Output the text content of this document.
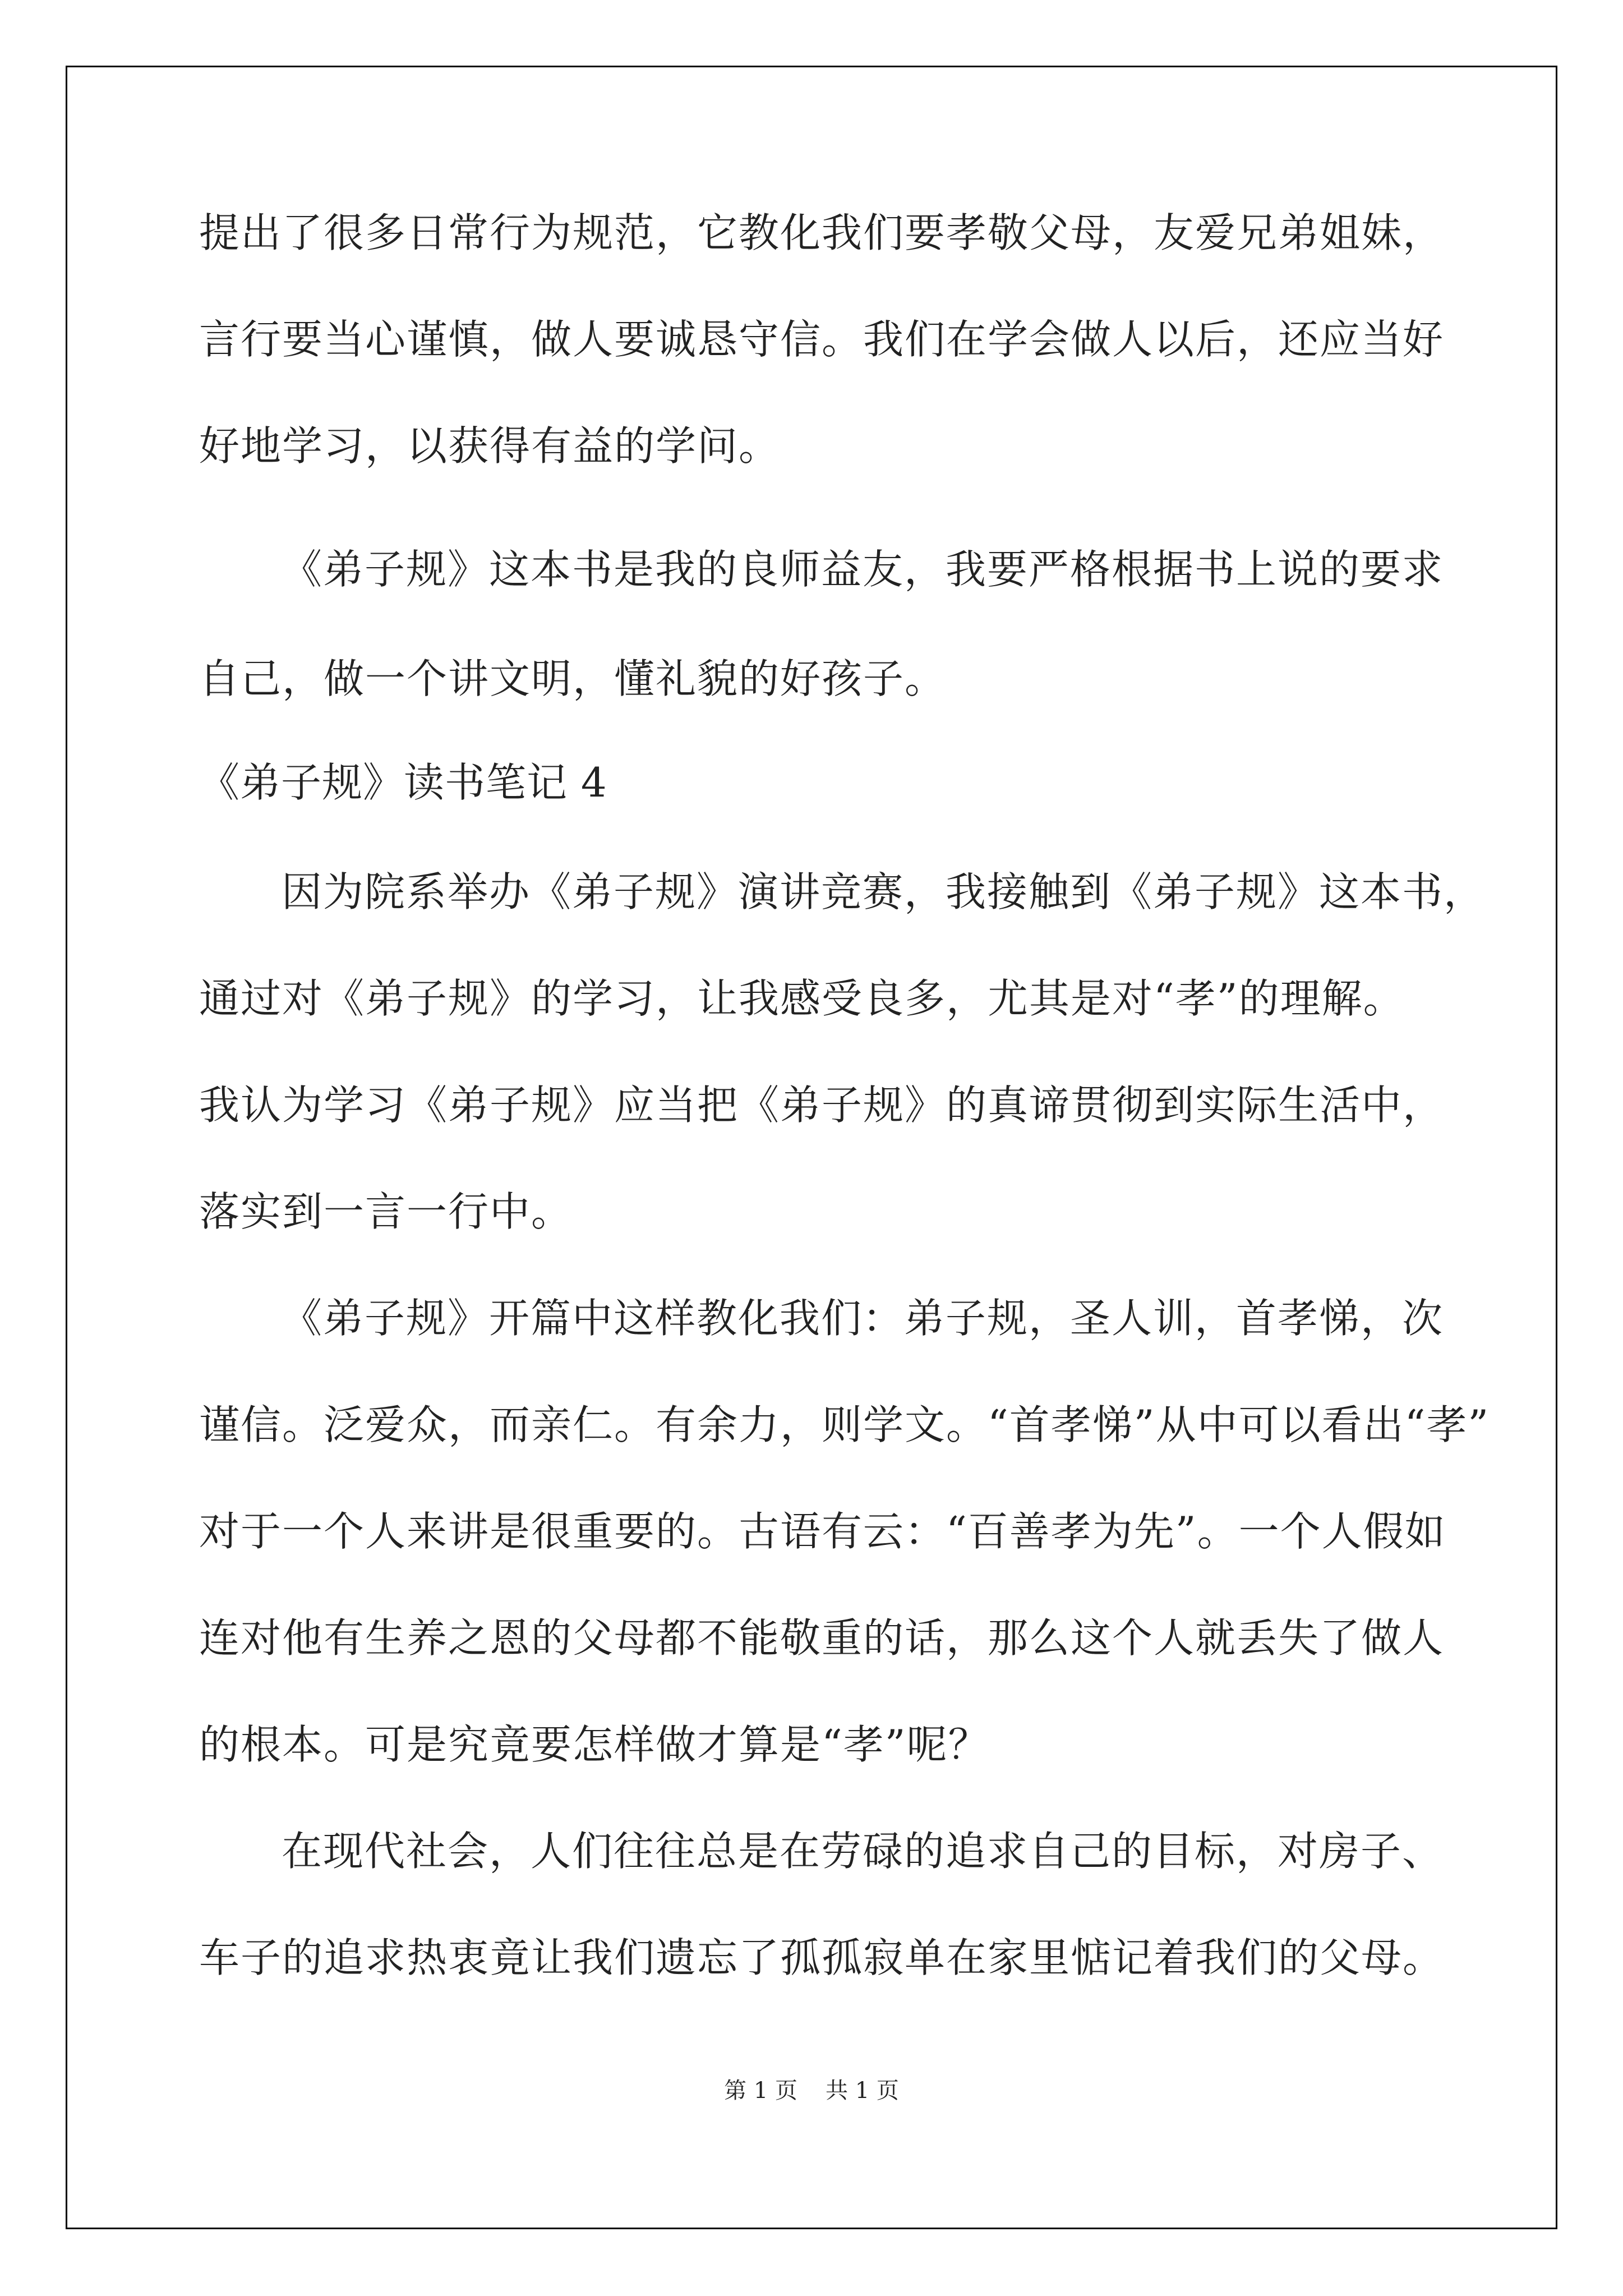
提出了很多日常行为规范，它教化我们要孝敬父母，友爱兄弟姐妹，
言行要当心谨慎，做人要诚恳守信。我们在学会做人以后，还应当好
好地学习，以获得有益的学问。
《弟子规》这本书是我的良师益友，我要严格根据书上说的要求
自己，做一个讲文明，懂礼貌的好孩子。
《弟子规》读书笔记 4
因为院系举办《弟子规》演讲竞赛，我接触到《弟子规》这本书，
通过对《弟子规》的学习，让我感受良多，尤其是对“孝”的理解。
我认为学习《弟子规》应当把《弟子规》的真谛贯彻到实际生活中，
落实到一言一行中。
《弟子规》开篇中这样教化我们：弟子规，圣人训，首孝悌，次
谨信。泛爱众，而亲仁。有余力，则学文。“首孝悌”从中可以看出“孝”
对于一个人来讲是很重要的。古语有云：“百善孝为先”。一个人假如
连对他有生养之恩的父母都不能敬重的话，那么这个人就丢失了做人
的根本。可是究竟要怎样做才算是“孝”呢？
在现代社会，人们往往总是在劳碌的追求自己的目标，对房子、
车子的追求热衷竟让我们遗忘了孤孤寂单在家里惦记着我们的父母。
第 1 页 共 1 页
